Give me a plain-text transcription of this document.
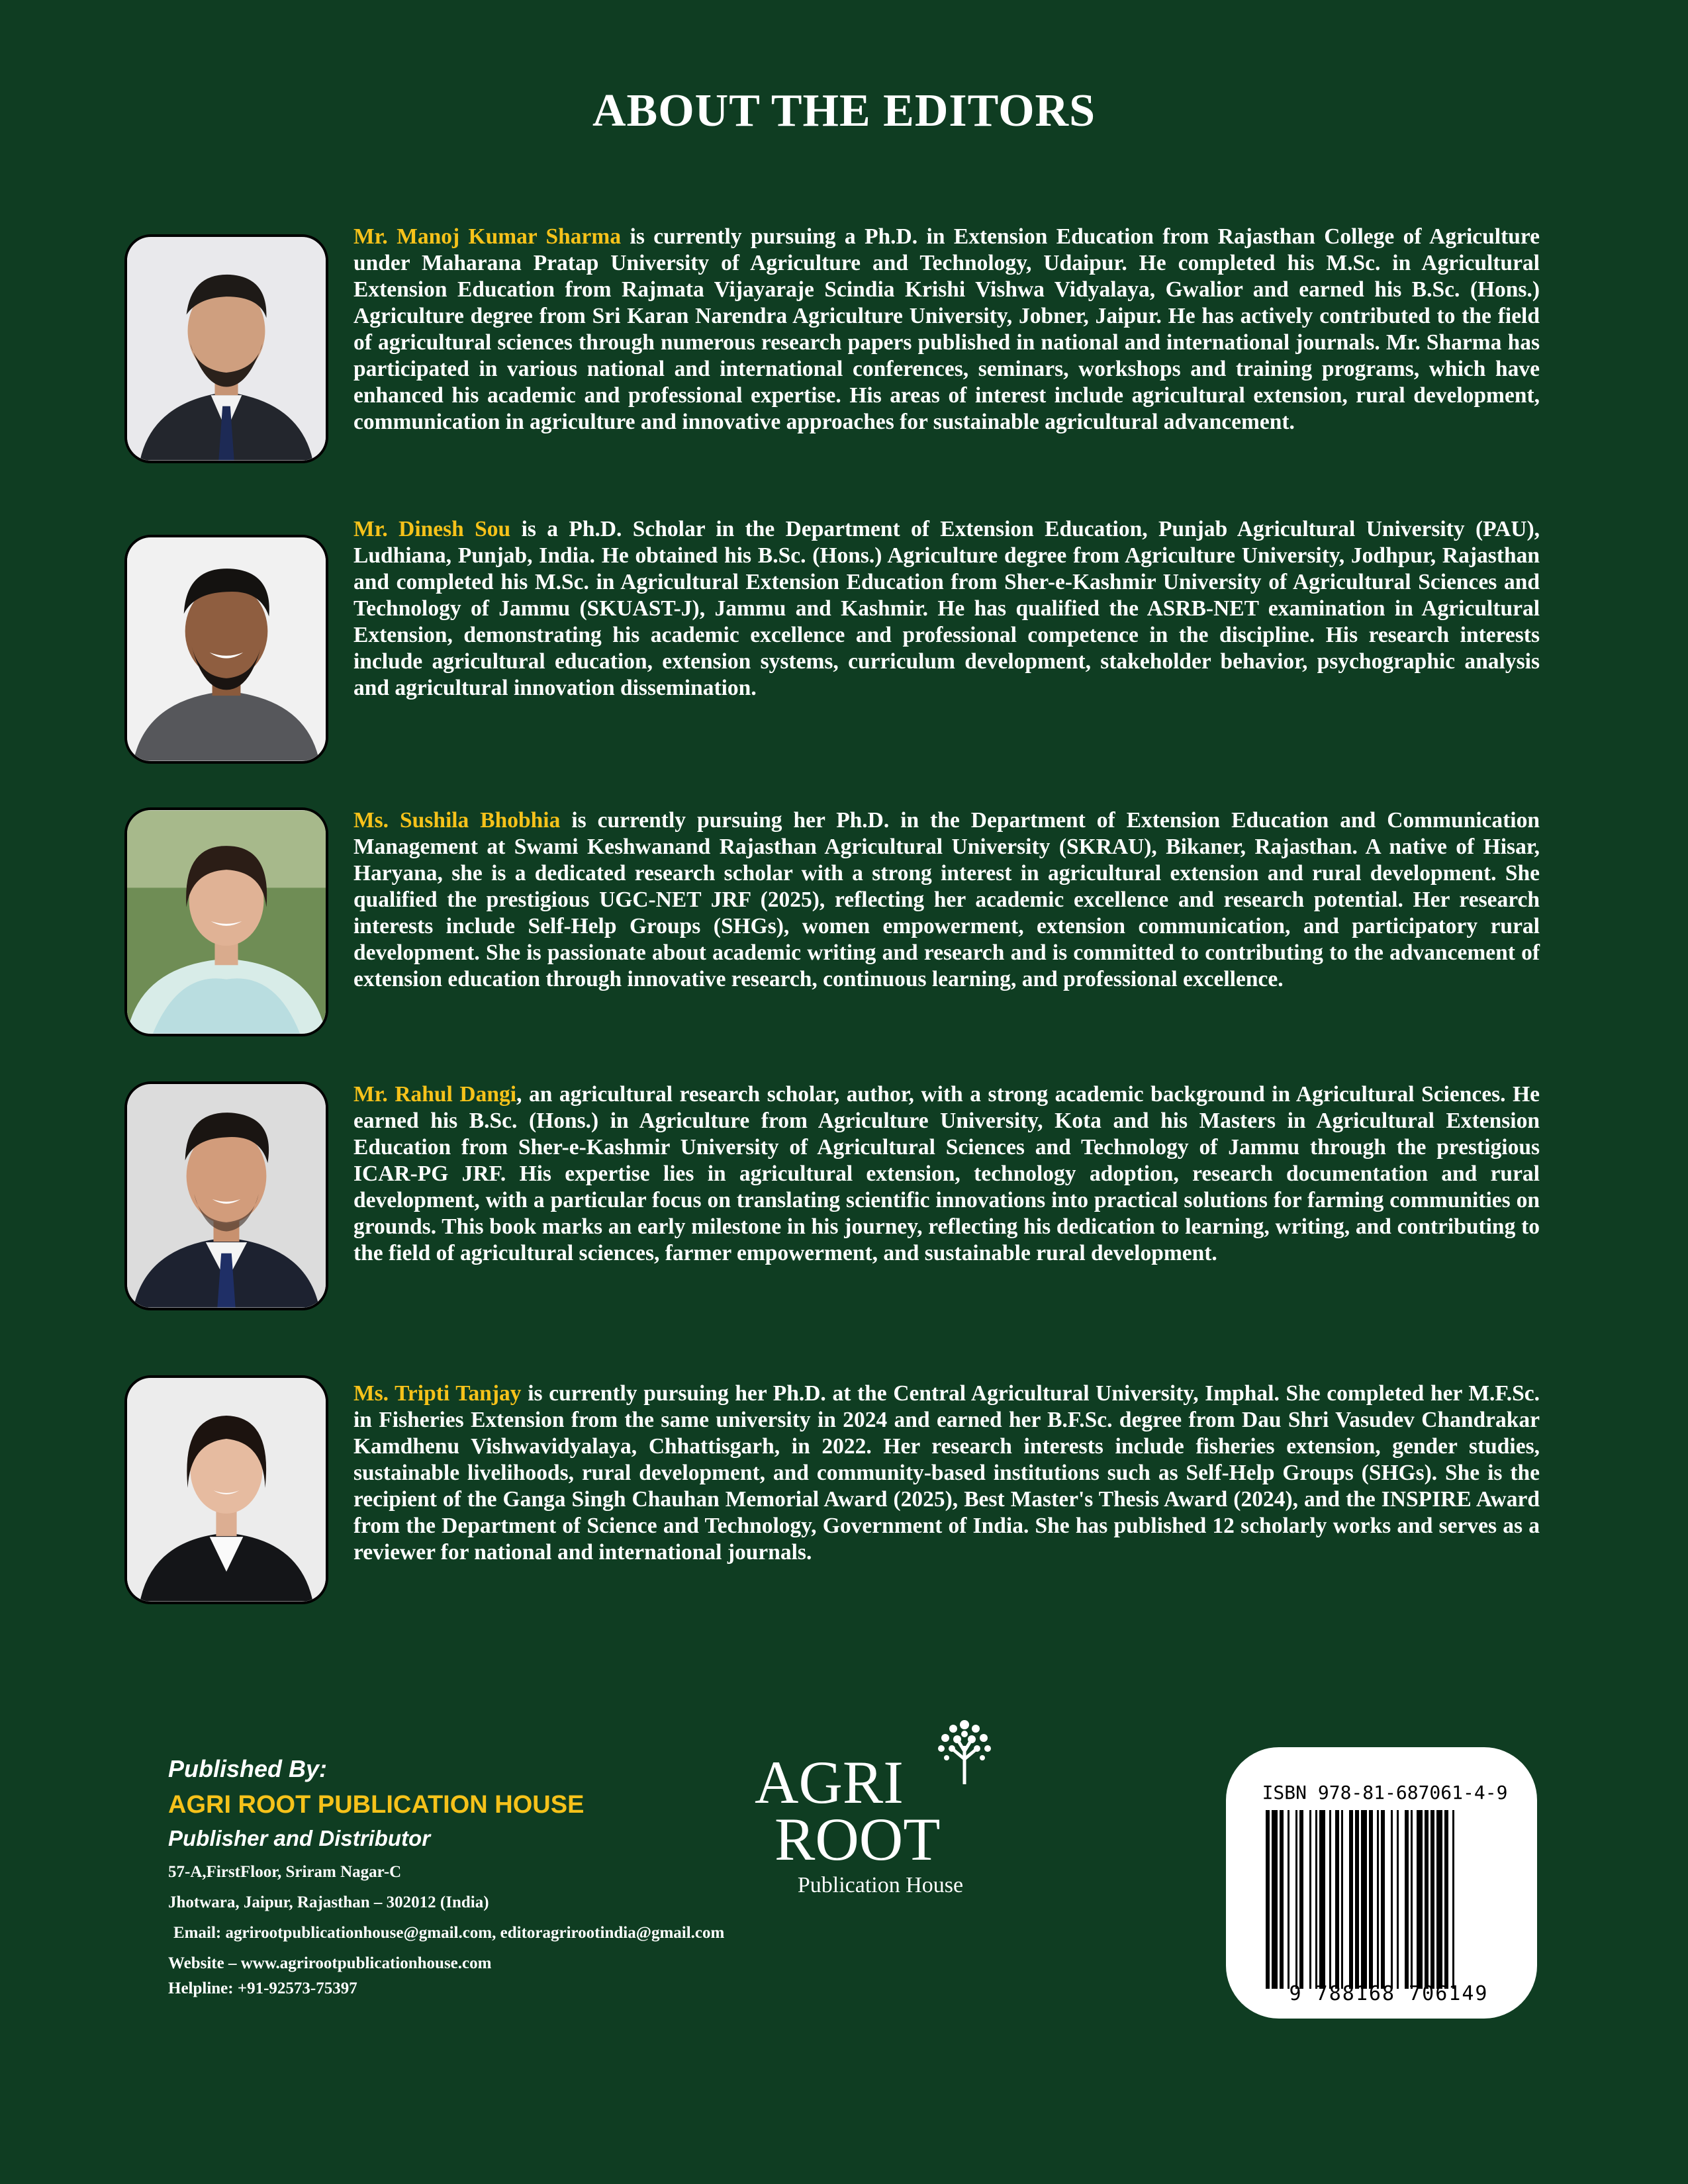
ABOUT THE EDITORS
Mr. Manoj Kumar Sharma is currently pursuing a Ph.D. in Extension Education from Rajasthan College of Agriculture under Maharana Pratap University of Agriculture and Technology, Udaipur. He completed his M.Sc. in Agricultural Extension Education from Rajmata Vijayaraje Scindia Krishi Vishwa Vidyalaya, Gwalior and earned his B.Sc. (Hons.) Agriculture degree from Sri Karan Narendra Agriculture University, Jobner, Jaipur. He has actively contributed to the field of agricultural sciences through numerous research papers published in national and international journals. Mr. Sharma has participated in various national and international conferences, seminars, workshops and training programs, which have enhanced his academic and professional expertise. His areas of interest include agricultural extension, rural development, communication in agriculture and innovative approaches for sustainable agricultural advancement.
Mr. Dinesh Sou is a Ph.D. Scholar in the Department of Extension Education, Punjab Agricultural University (PAU), Ludhiana, Punjab, India. He obtained his B.Sc. (Hons.) Agriculture degree from Agriculture University, Jodhpur, Rajasthan and completed his M.Sc. in Agricultural Extension Education from Sher-e-Kashmir University of Agricultural Sciences and Technology of Jammu (SKUAST-J), Jammu and Kashmir. He has qualified the ASRB-NET examination in Agricultural Extension, demonstrating his academic excellence and professional competence in the discipline. His research interests include agricultural education, extension systems, curriculum development, stakeholder behavior, psychographic analysis and agricultural innovation dissemination.
Ms. Sushila Bhobhia is currently pursuing her Ph.D. in the Department of Extension Education and Communication Management at Swami Keshwanand Rajasthan Agricultural University (SKRAU), Bikaner, Rajasthan. A native of Hisar, Haryana, she is a dedicated research scholar with a strong interest in agricultural extension and rural development. She qualified the prestigious UGC-NET JRF (2025), reflecting her academic excellence and research potential. Her research interests include Self-Help Groups (SHGs), women empowerment, extension communication, and participatory rural development. She is passionate about academic writing and research and is committed to contributing to the advancement of extension education through innovative research, continuous learning, and professional excellence.
Mr. Rahul Dangi, an agricultural research scholar, author, with a strong academic background in Agricultural Sciences. He earned his B.Sc. (Hons.) in Agriculture from Agriculture University, Kota and his Masters in Agricultural Extension Education from Sher-e-Kashmir University of Agricultural Sciences and Technology of Jammu through the prestigious ICAR-PG JRF. His expertise lies in agricultural extension, technology adoption, research documentation and rural development, with a particular focus on translating scientific innovations into practical solutions for farming communities on grounds. This book marks an early milestone in his journey, reflecting his dedication to learning, writing, and contributing to the field of agricultural sciences, farmer empowerment, and sustainable rural development.
Ms. Tripti Tanjay is currently pursuing her Ph.D. at the Central Agricultural University, Imphal. She completed her M.F.Sc. in Fisheries Extension from the same university in 2024 and earned her B.F.Sc. degree from Dau Shri Vasudev Chandrakar Kamdhenu Vishwavidyalaya, Chhattisgarh, in 2022. Her research interests include fisheries extension, gender studies, sustainable livelihoods, rural development, and community-based institutions such as Self-Help Groups (SHGs). She is the recipient of the Ganga Singh Chauhan Memorial Award (2025), Best Master's Thesis Award (2024), and the INSPIRE Award from the Department of Science and Technology, Government of India. She has published 12 scholarly works and serves as a reviewer for national and international journals.
Published By:
AGRI ROOT PUBLICATION HOUSE
Publisher and Distributor
57-A,FirstFloor, Sriram Nagar-C
Jhotwara, Jaipur, Rajasthan – 302012 (India)
Email: agrirootpublicationhouse@gmail.com, editoragrirootindia@gmail.com
Website – www.agrirootpublicationhouse.com
Helpline: +91-92573-75397
AGRI
ROOT
Publication House
ISBN 978-81-687061-4-9
9 788168 706149
